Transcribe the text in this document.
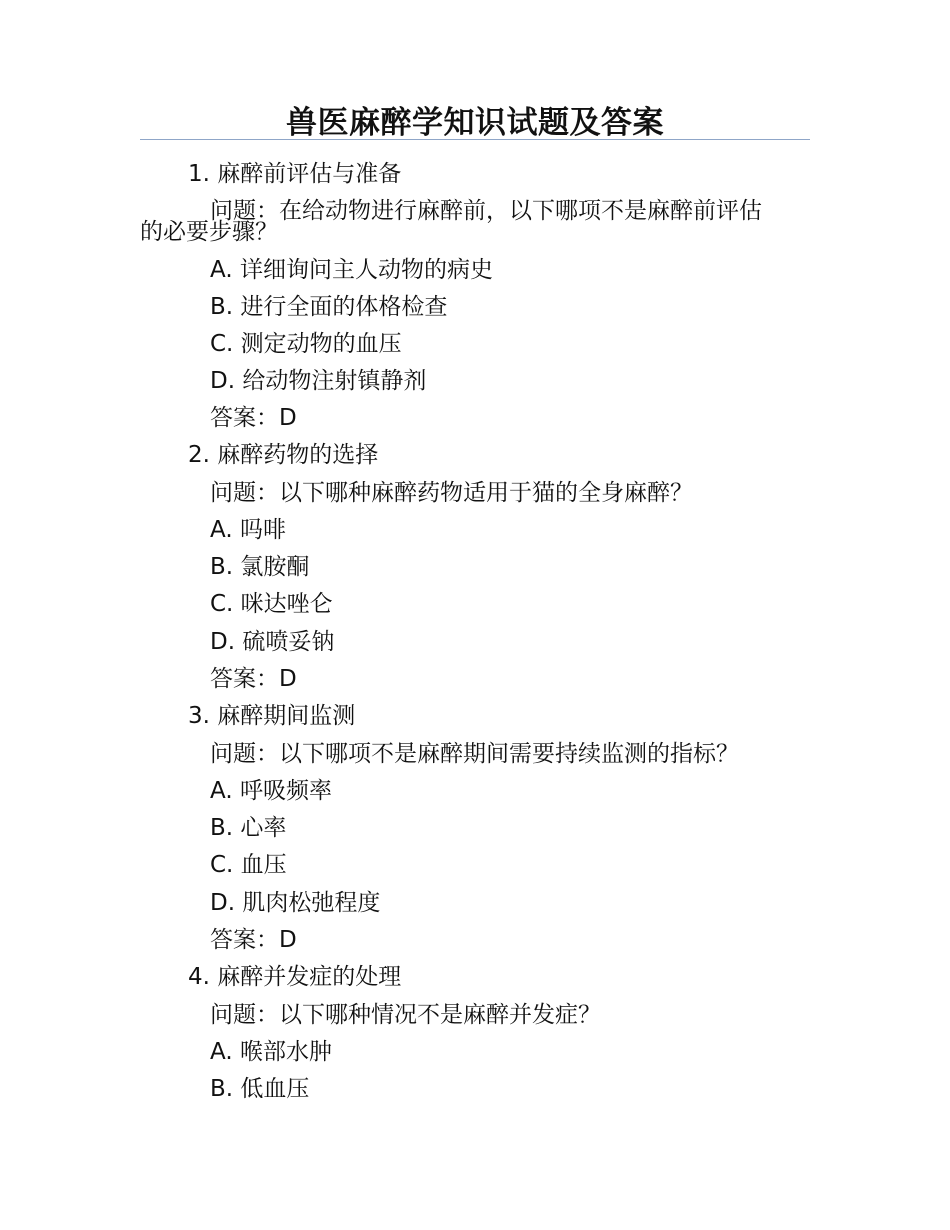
兽医麻醉学知识试题及答案
1. 麻醉前评估与准备
问题：在给动物进行麻醉前，以下哪项不是麻醉前评估
的必要步骤？
A. 详细询问主人动物的病史
B. 进行全面的体格检查
C. 测定动物的血压
D. 给动物注射镇静剂
答案：D
2. 麻醉药物的选择
问题：以下哪种麻醉药物适用于猫的全身麻醉？
A. 吗啡
B. 氯胺酮
C. 咪达唑仑
D. 硫喷妥钠
答案：D
3. 麻醉期间监测
问题：以下哪项不是麻醉期间需要持续监测的指标？
A. 呼吸频率
B. 心率
C. 血压
D. 肌肉松弛程度
答案：D
4. 麻醉并发症的处理
问题：以下哪种情况不是麻醉并发症？
A. 喉部水肿
B. 低血压
